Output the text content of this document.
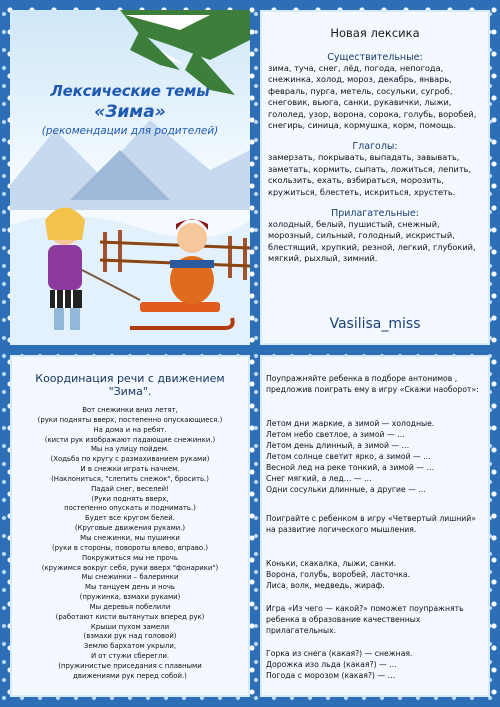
Лексические темы
«Зима»
(рекомендации для родителей)
Новая лексика

Существительные:

зима, туча, снег, лёд, погода, непогода, снежинка, холод, мороз, декабрь, январь, февраль, пурга, метель, сосульки, сугроб, снеговик, вьюга, санки, рукавички, лыжи, гололед, узор, ворона, сорока, голубь, воробей, снегирь, синица, кормушка, корм, помощь.

Глаголы:

замерзать, покрывать, выпадать, завывать, заметать, кормить, сыпать, ложиться, лепить, скользить, ехать, взбираться, морозить, кружиться, блестеть, искриться, хрустеть.

Прилагательные:

холодный, белый, пушистый, снежный, морозный, сильный, голодный, искристый, блестящий, хрупкий, резной, легкий, глубокий, мягкий, рыхлый, зимний.

Vasilisa_miss
Координация речи с движением
"Зима".
Вот снежинки вниз летят,
(руки подняты вверх, постепенно опускающиеся.)
На дома и на ребят.
(кисти рук изображают падающие снежинки.)
Мы на улицу пойдем.
(Ходьба по кругу с размахиванием руками)
И в снежки играть начнем.
(Наклониться, "слепить снежок", бросить.)
Падай снег, веселей!
(Руки поднять вверх,
постепенно опускать и поднимать.)
Будет все кругом белей.
(Круговые движения руками.)
Мы снежинки, мы пушинки
(руки в стороны, повороты влево, вправо.)
Покружиться мы не прочь
(кружимся вокруг себя, руки вверх "фонарики")
Мы снежинки – балеринки
Мы танцуем день и ночь
(пружинка, взмахи руками)
Мы деревья побелили
(работают кисти вытянутых вперед рук)
Крыши пухом замели
(взмахи рук над головой)
Землю бархатом укрыли,
И от стужи сберегли.
(пружинистые приседания с плавными
движениями рук перед собой.)
Поупражняйте ребенка в подборе антонимов , предложив поиграть ему в игру «Скажи наоборот»:
Летом дни жаркие, а зимой — холодные.
Летом небо светлое, а зимой — …
Летом день длинный, а зимой — …
Летом солнце светит ярко, а зимой — …
Весной лед на реке тонкий, а зимой — …
Снег мягкий, а лед… — …
Одни сосульки длинные, а другие — …
Поиграйте с ребенком в игру «Четвертый лишний» на развитие логического мышления.
Коньки, скакалка, лыжи, санки.
Ворона, голубь, воробей, ласточка.
Лиса, волк, медведь, жираф.
Игра «Из чего — какой?» поможет поупражнять ребенка в образование качественных прилагательных.
Горка из снега (какая?) — снежная.
Дорожка изо льда (какая?) — …
Погода с морозом (какая?) — …
